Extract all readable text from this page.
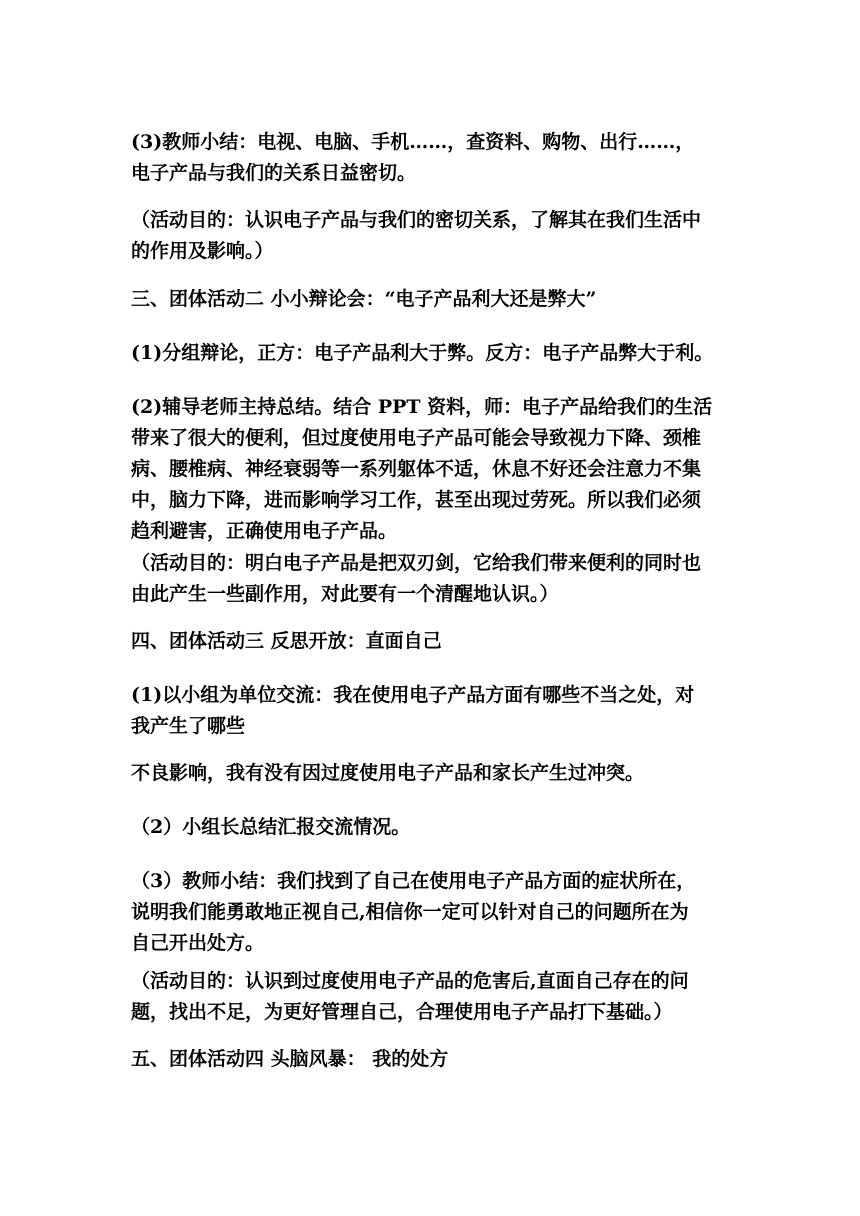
(3)教师小结：电视、电脑、手机……，查资料、购物、出行……，
电子产品与我们的关系日益密切。

（活动目的：认识电子产品与我们的密切关系，了解其在我们生活中
的作用及影响。）

三、团体活动二 小小辩论会：“电子产品利大还是弊大”

(1)分组辩论，正方：电子产品利大于弊。反方：电子产品弊大于利。

(2)辅导老师主持总结。结合 PPT 资料，师：电子产品给我们的生活
带来了很大的便利，但过度使用电子产品可能会导致视力下降、颈椎
病、腰椎病、神经衰弱等一系列躯体不适，休息不好还会注意力不集
中，脑力下降，进而影响学习工作，甚至出现过劳死。所以我们必须
趋利避害，正确使用电子产品。

（活动目的：明白电子产品是把双刃剑，它给我们带来便利的同时也
由此产生一些副作用，对此要有一个清醒地认识。）

四、团体活动三 反思开放：直面自己

(1)以小组为单位交流：我在使用电子产品方面有哪些不当之处，对
我产生了哪些

不良影响，我有没有因过度使用电子产品和家长产生过冲突。

（2）小组长总结汇报交流情况。

（3）教师小结：我们找到了自己在使用电子产品方面的症状所在，
说明我们能勇敢地正视自己,相信你一定可以针对自己的问题所在为
自己开出处方。

（活动目的：认识到过度使用电子产品的危害后,直面自己存在的问
题，找出不足，为更好管理自己，合理使用电子产品打下基础。）

五、团体活动四 头脑风暴： 我的处方
